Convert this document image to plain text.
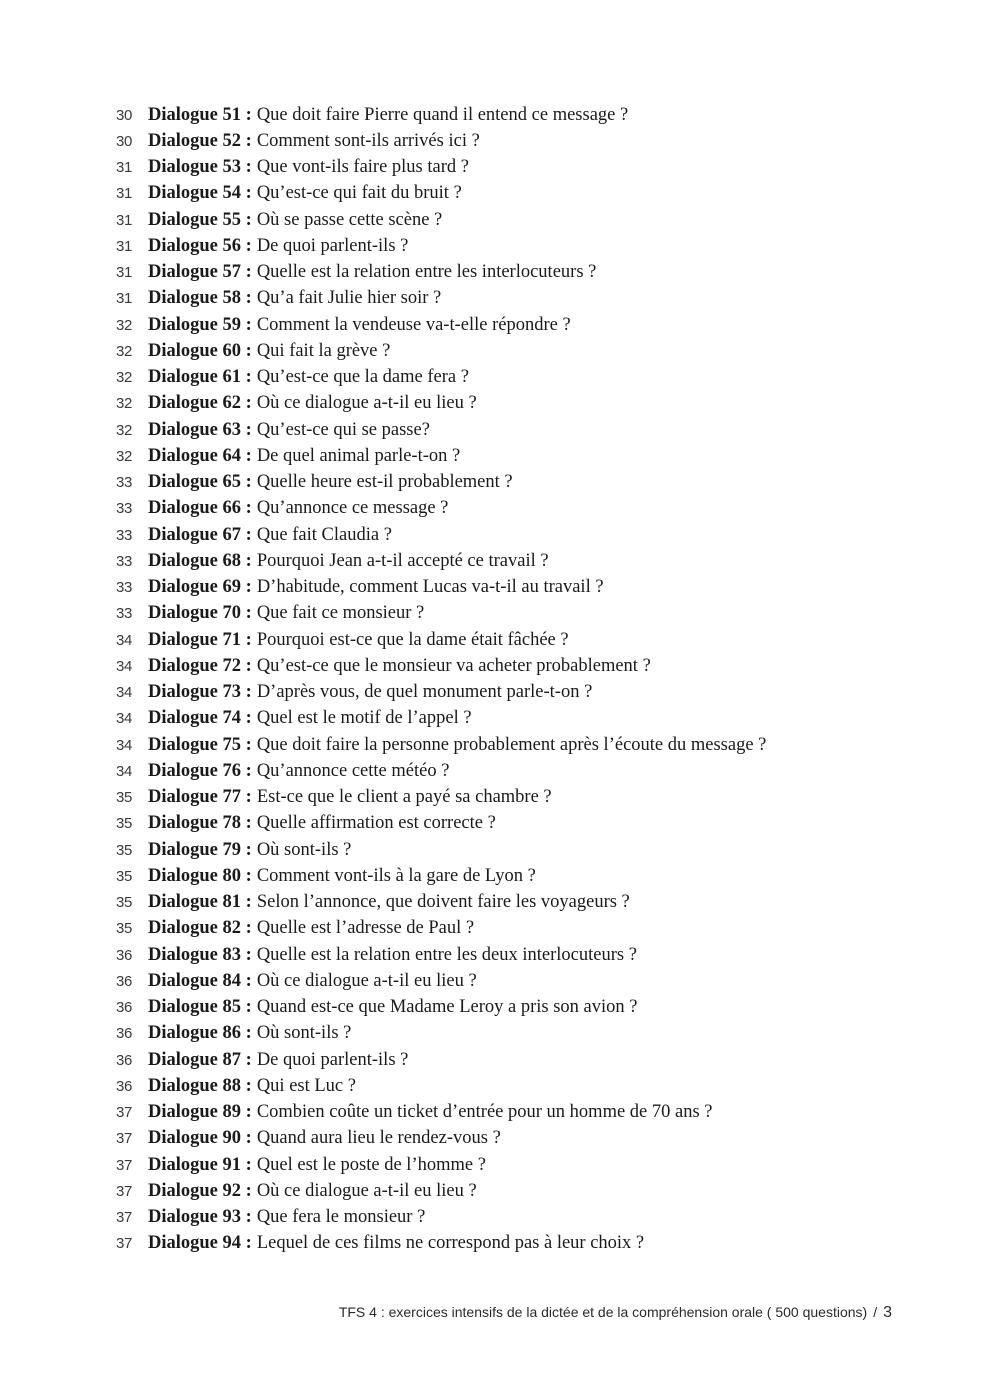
30 Dialogue 51 : Que doit faire Pierre quand il entend ce message ?
30 Dialogue 52 : Comment sont-ils arrivés ici ?
31 Dialogue 53 : Que vont-ils faire plus tard ?
31 Dialogue 54 : Qu’est-ce qui fait du bruit ?
31 Dialogue 55 : Où se passe cette scène ?
31 Dialogue 56 : De quoi parlent-ils ?
31 Dialogue 57 : Quelle est la relation entre les interlocuteurs ?
31 Dialogue 58 : Qu’a fait Julie hier soir ?
32 Dialogue 59 : Comment la vendeuse va-t-elle répondre ?
32 Dialogue 60 : Qui fait la grève ?
32 Dialogue 61 : Qu’est-ce que la dame fera ?
32 Dialogue 62 : Où ce dialogue a-t-il eu lieu ?
32 Dialogue 63 : Qu’est-ce qui se passe?
32 Dialogue 64 : De quel animal parle-t-on ?
33 Dialogue 65 : Quelle heure est-il probablement ?
33 Dialogue 66 : Qu’annonce ce message ?
33 Dialogue 67 : Que fait Claudia ?
33 Dialogue 68 : Pourquoi Jean a-t-il accepté ce travail ?
33 Dialogue 69 : D’habitude, comment Lucas va-t-il au travail ?
33 Dialogue 70 : Que fait ce monsieur ?
34 Dialogue 71 : Pourquoi est-ce que la dame était fâchée ?
34 Dialogue 72 : Qu’est-ce que le monsieur va acheter probablement ?
34 Dialogue 73 : D’après vous, de quel monument parle-t-on ?
34 Dialogue 74 : Quel est le motif de l’appel ?
34 Dialogue 75 : Que doit faire la personne probablement après l’écoute du message ?
34 Dialogue 76 : Qu’annonce cette météo ?
35 Dialogue 77 : Est-ce que le client a payé sa chambre ?
35 Dialogue 78 : Quelle affirmation est correcte ?
35 Dialogue 79 : Où sont-ils ?
35 Dialogue 80 : Comment vont-ils à la gare de Lyon ?
35 Dialogue 81 : Selon l’annonce, que doivent faire les voyageurs ?
35 Dialogue 82 : Quelle est l’adresse de Paul ?
36 Dialogue 83 : Quelle est la relation entre les deux interlocuteurs ?
36 Dialogue 84 : Où ce dialogue a-t-il eu lieu ?
36 Dialogue 85 : Quand est-ce que Madame Leroy a pris son avion ?
36 Dialogue 86 : Où sont-ils ?
36 Dialogue 87 : De quoi parlent-ils ?
36 Dialogue 88 : Qui est Luc ?
37 Dialogue 89 : Combien coûte un ticket d’entrée pour un homme de 70 ans ?
37 Dialogue 90 : Quand aura lieu le rendez-vous ?
37 Dialogue 91 : Quel est le poste de l’homme ?
37 Dialogue 92 : Où ce dialogue a-t-il eu lieu ?
37 Dialogue 93 : Que fera le monsieur ?
37 Dialogue 94 : Lequel de ces films ne correspond pas à leur choix ?
TFS 4 : exercices intensifs de la dictée et de la compréhension orale ( 500 questions) / 3
